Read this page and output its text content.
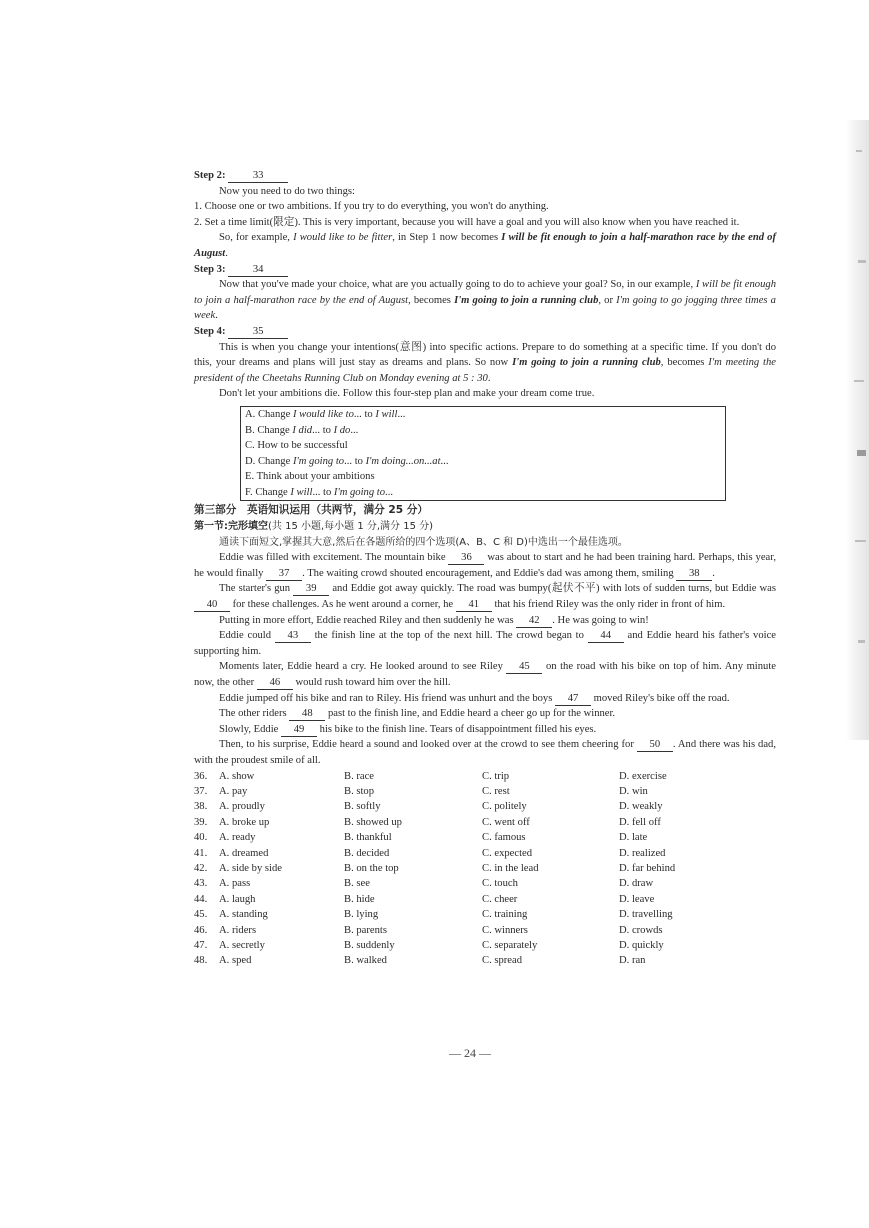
Step 2:	33

Now you need to do two things:

1. Choose one or two ambitions. If you try to do everything, you won't do anything.

2. Set a time limit(限定). This is very important, because you will have a goal and you will also know when you have reached it.

So, for example, I would like to be fitter, in Step 1 now becomes I will be fit enough to join a half-marathon race by the end of August.

Step 3:	34

Now that you've made your choice, what are you actually going to do to achieve your goal? So, in our example, I will be fit enough to join a half-marathon race by the end of August, becomes I'm going to join a running club, or I'm going to go jogging three times a week.

Step 4:	35

This is when you change your intentions(意图) into specific actions. Prepare to do something at a specific time. If you don't do this, your dreams and plans will just stay as dreams and plans. So now I'm going to join a running club, becomes I'm meeting the president of the Cheetahs Running Club on Monday evening at 5 : 30.

Don't let your ambitions die. Follow this four-step plan and make your dream come true.

A. Change I would like to... to I will...

B. Change I did... to I do...

C. How to be successful

D. Change I'm going to... to I'm doing...on...at...

E. Think about your ambitions

F. Change I will... to I'm going to...

第三部分　英语知识运用（共两节，满分 25 分）

第一节:完形填空(共 15 小题,每小题 1 分,满分 15 分)

通读下面短文,掌握其大意,然后在各题所给的四个选项(A、B、C 和 D)中选出一个最佳选项。

Eddie was filled with excitement. The mountain bike 36 was about to start and he had been training hard. Perhaps, this year, he would finally 37 . The waiting crowd shouted encouragement, and Eddie's dad was among them, smiling 38 .

The starter's gun 39 and Eddie got away quickly. The road was bumpy(起伏不平) with lots of sudden turns, but Eddie was 40 for these challenges. As he went around a corner, he 41 that his friend Riley was the only rider in front of him.

Putting in more effort, Eddie reached Riley and then suddenly he was 42 . He was going to win!

Eddie could 43 the finish line at the top of the next hill. The crowd began to 44 and Eddie heard his father's voice supporting him.

Moments later, Eddie heard a cry. He looked around to see Riley 45 on the road with his bike on top of him. Any minute now, the other 46 would rush toward him over the hill.

Eddie jumped off his bike and ran to Riley. His friend was unhurt and the boys 47 moved Riley's bike off the road.

The other riders 48 past to the finish line, and Eddie heard a cheer go up for the winner.

Slowly, Eddie 49 his bike to the finish line. Tears of disappointment filled his eyes.

Then, to his surprise, Eddie heard a sound and looked over at the crowd to see them cheering for 50 . And there was his dad, with the proudest smile of all.

36.	A. show	B. race	C. trip	D. exercise
37.	A. pay	B. stop	C. rest	D. win
38.	A. proudly	B. softly	C. politely	D. weakly
39.	A. broke up	B. showed up	C. went off	D. fell off
40.	A. ready	B. thankful	C. famous	D. late
41.	A. dreamed	B. decided	C. expected	D. realized
42.	A. side by side	B. on the top	C. in the lead	D. far behind
43.	A. pass	B. see	C. touch	D. draw
44.	A. laugh	B. hide	C. cheer	D. leave
45.	A. standing	B. lying	C. training	D. travelling
46.	A. riders	B. parents	C. winners	D. crowds
47.	A. secretly	B. suddenly	C. separately	D. quickly
48.	A. sped	B. walked	C. spread	D. ran
— 24 —
